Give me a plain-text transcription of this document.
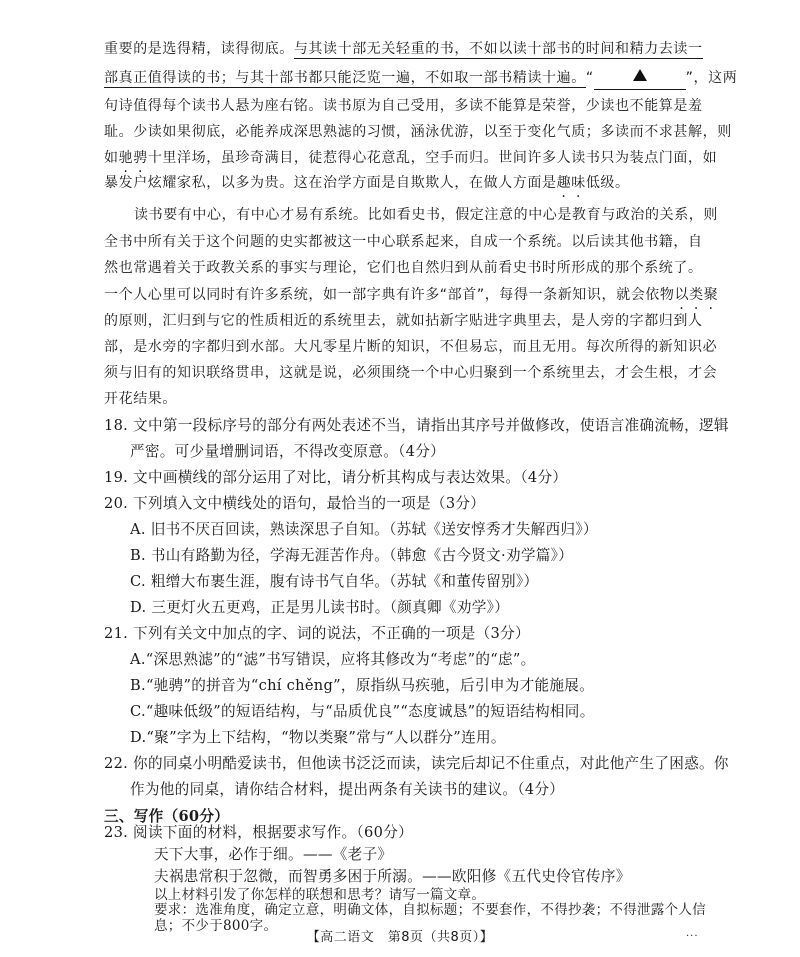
重要的是选得精，读得彻底。与其读十部无关轻重的书，不如以读十部书的时间和精力去读一
部真正值得读的书；与其十部书都只能泛览一遍，不如取一部书精读十遍。“	”，这两
句诗值得每个读书人悬为座右铭。读书原为自己受用，多读不能算是荣誉，少读也不能算是羞
耻。少读如果彻底，必能养成深思熟滤的习惯，涵泳优游，以至于变化气质；多读而不求甚解，则
如驰骋十里洋场，虽珍奇满目，徒惹得心花意乱，空手而归。世间许多人读书只为装点门面，如
暴发户炫耀家私，以多为贵。这在治学方面是自欺欺人，在做人方面是趣味低级。
读书要有中心，有中心才易有系统。比如看史书，假定注意的中心是教育与政治的关系，则
全书中所有关于这个问题的史实都被这一中心联系起来，自成一个系统。以后读其他书籍，自
然也常遇着关于政教关系的事实与理论，它们也自然归到从前看史书时所形成的那个系统了。
一个人心里可以同时有许多系统，如一部字典有许多“部首”，每得一条新知识，就会依物以类聚
的原则，汇归到与它的性质相近的系统里去，就如拈新字贴进字典里去，是人旁的字都归到人
部，是水旁的字都归到水部。大凡零星片断的知识，不但易忘，而且无用。每次所得的新知识必
须与旧有的知识联络贯串，这就是说，必须围绕一个中心归聚到一个系统里去，才会生根，才会
开花结果。
18. 文中第一段标序号的部分有两处表述不当，请指出其序号并做修改，使语言准确流畅，逻辑
严密。可少量增删词语，不得改变原意。（4分）
19. 文中画横线的部分运用了对比，请分析其构成与表达效果。（4分）
20. 下列填入文中横线处的语句，最恰当的一项是（3分）
A. 旧书不厌百回读，熟读深思子自知。（苏轼《送安惇秀才失解西归》）
B. 书山有路勤为径，学海无涯苦作舟。（韩愈《古今贤文·劝学篇》）
C. 粗缯大布裹生涯，腹有诗书气自华。（苏轼《和董传留别》）
D. 三更灯火五更鸡，正是男儿读书时。（颜真卿《劝学》）
21. 下列有关文中加点的字、词的说法，不正确的一项是（3分）
A.“深思熟滤”的“滤”书写错误，应将其修改为“考虑”的“虑”。
B.“驰骋”的拼音为“chí chěng”，原指纵马疾驰，后引申为才能施展。
C.“趣味低级”的短语结构，与“品质优良”“态度诚恳”的短语结构相同。
D.“聚”字为上下结构，“物以类聚”常与“人以群分”连用。
22. 你的同桌小明酷爱读书，但他读书泛泛而读，读完后却记不住重点，对此他产生了困惑。你
作为他的同桌，请你结合材料，提出两条有关读书的建议。（4分）
三、写作（60分）
23. 阅读下面的材料，根据要求写作。（60分）
天下大事，必作于细。——《老子》
夫祸患常积于忽微，而智勇多困于所溺。——欧阳修《五代史伶官传序》
【高二语文　第8页（共8页）】	...
以上材料引发了你怎样的联想和思考？请写一篇文章。
要求：选准角度，确定立意，明确文体，自拟标题；不要套作，不得抄袭；不得泄露个人信息；不少于800字。
